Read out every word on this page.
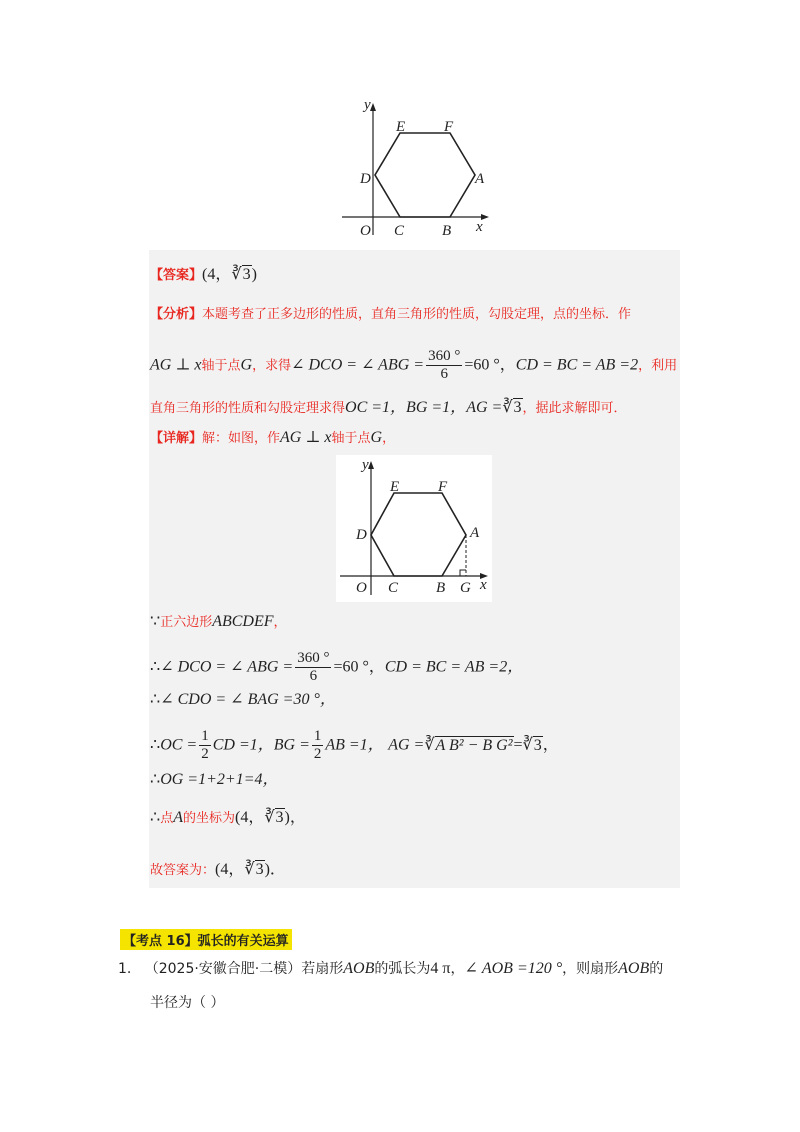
y
x
O C	B
A
D
E	F
【答案】(4，∛3)
【分析】本题考查了正多边形的性质，直角三角形的性质，勾股定理，点的坐标．作
AG ⊥ x轴于点G，求得∠ DCO = ∠ ABG = $\frac{360 ^\circ}{6} =60$ °，CD = BC = AB =2，利用
直角三角形的性质和勾股定理求得OC =1，BG =1，AG =∛3，据此求解即可．
【详解】解：如图，作AG ⊥ x轴于点G，
y
x
O C	B G
A
D
E	F
∵正六边形ABCDEF，
∴∠ DCO = ∠ ABG = $\frac{360 ^\circ}{6} =60$ °，CD = BC = AB =2，
∴∠ CDO = ∠ BAG =30 °，
∴OC = $\frac{1}{2}$ CD =1，BG = $\frac{1}{2}$ AB =1， AG =∛A B² − B G²=∛3，
∴OG =1+2+1=4，
∴点A的坐标为(4，∛3)，
故答案为：(4，∛3)．
【考点 16】弧长的有关运算
1. （2025·安徽合肥·二模）若扇形AOB的弧长为4 π，∠ AOB =120 °，则扇形AOB的
半径为（ ）
